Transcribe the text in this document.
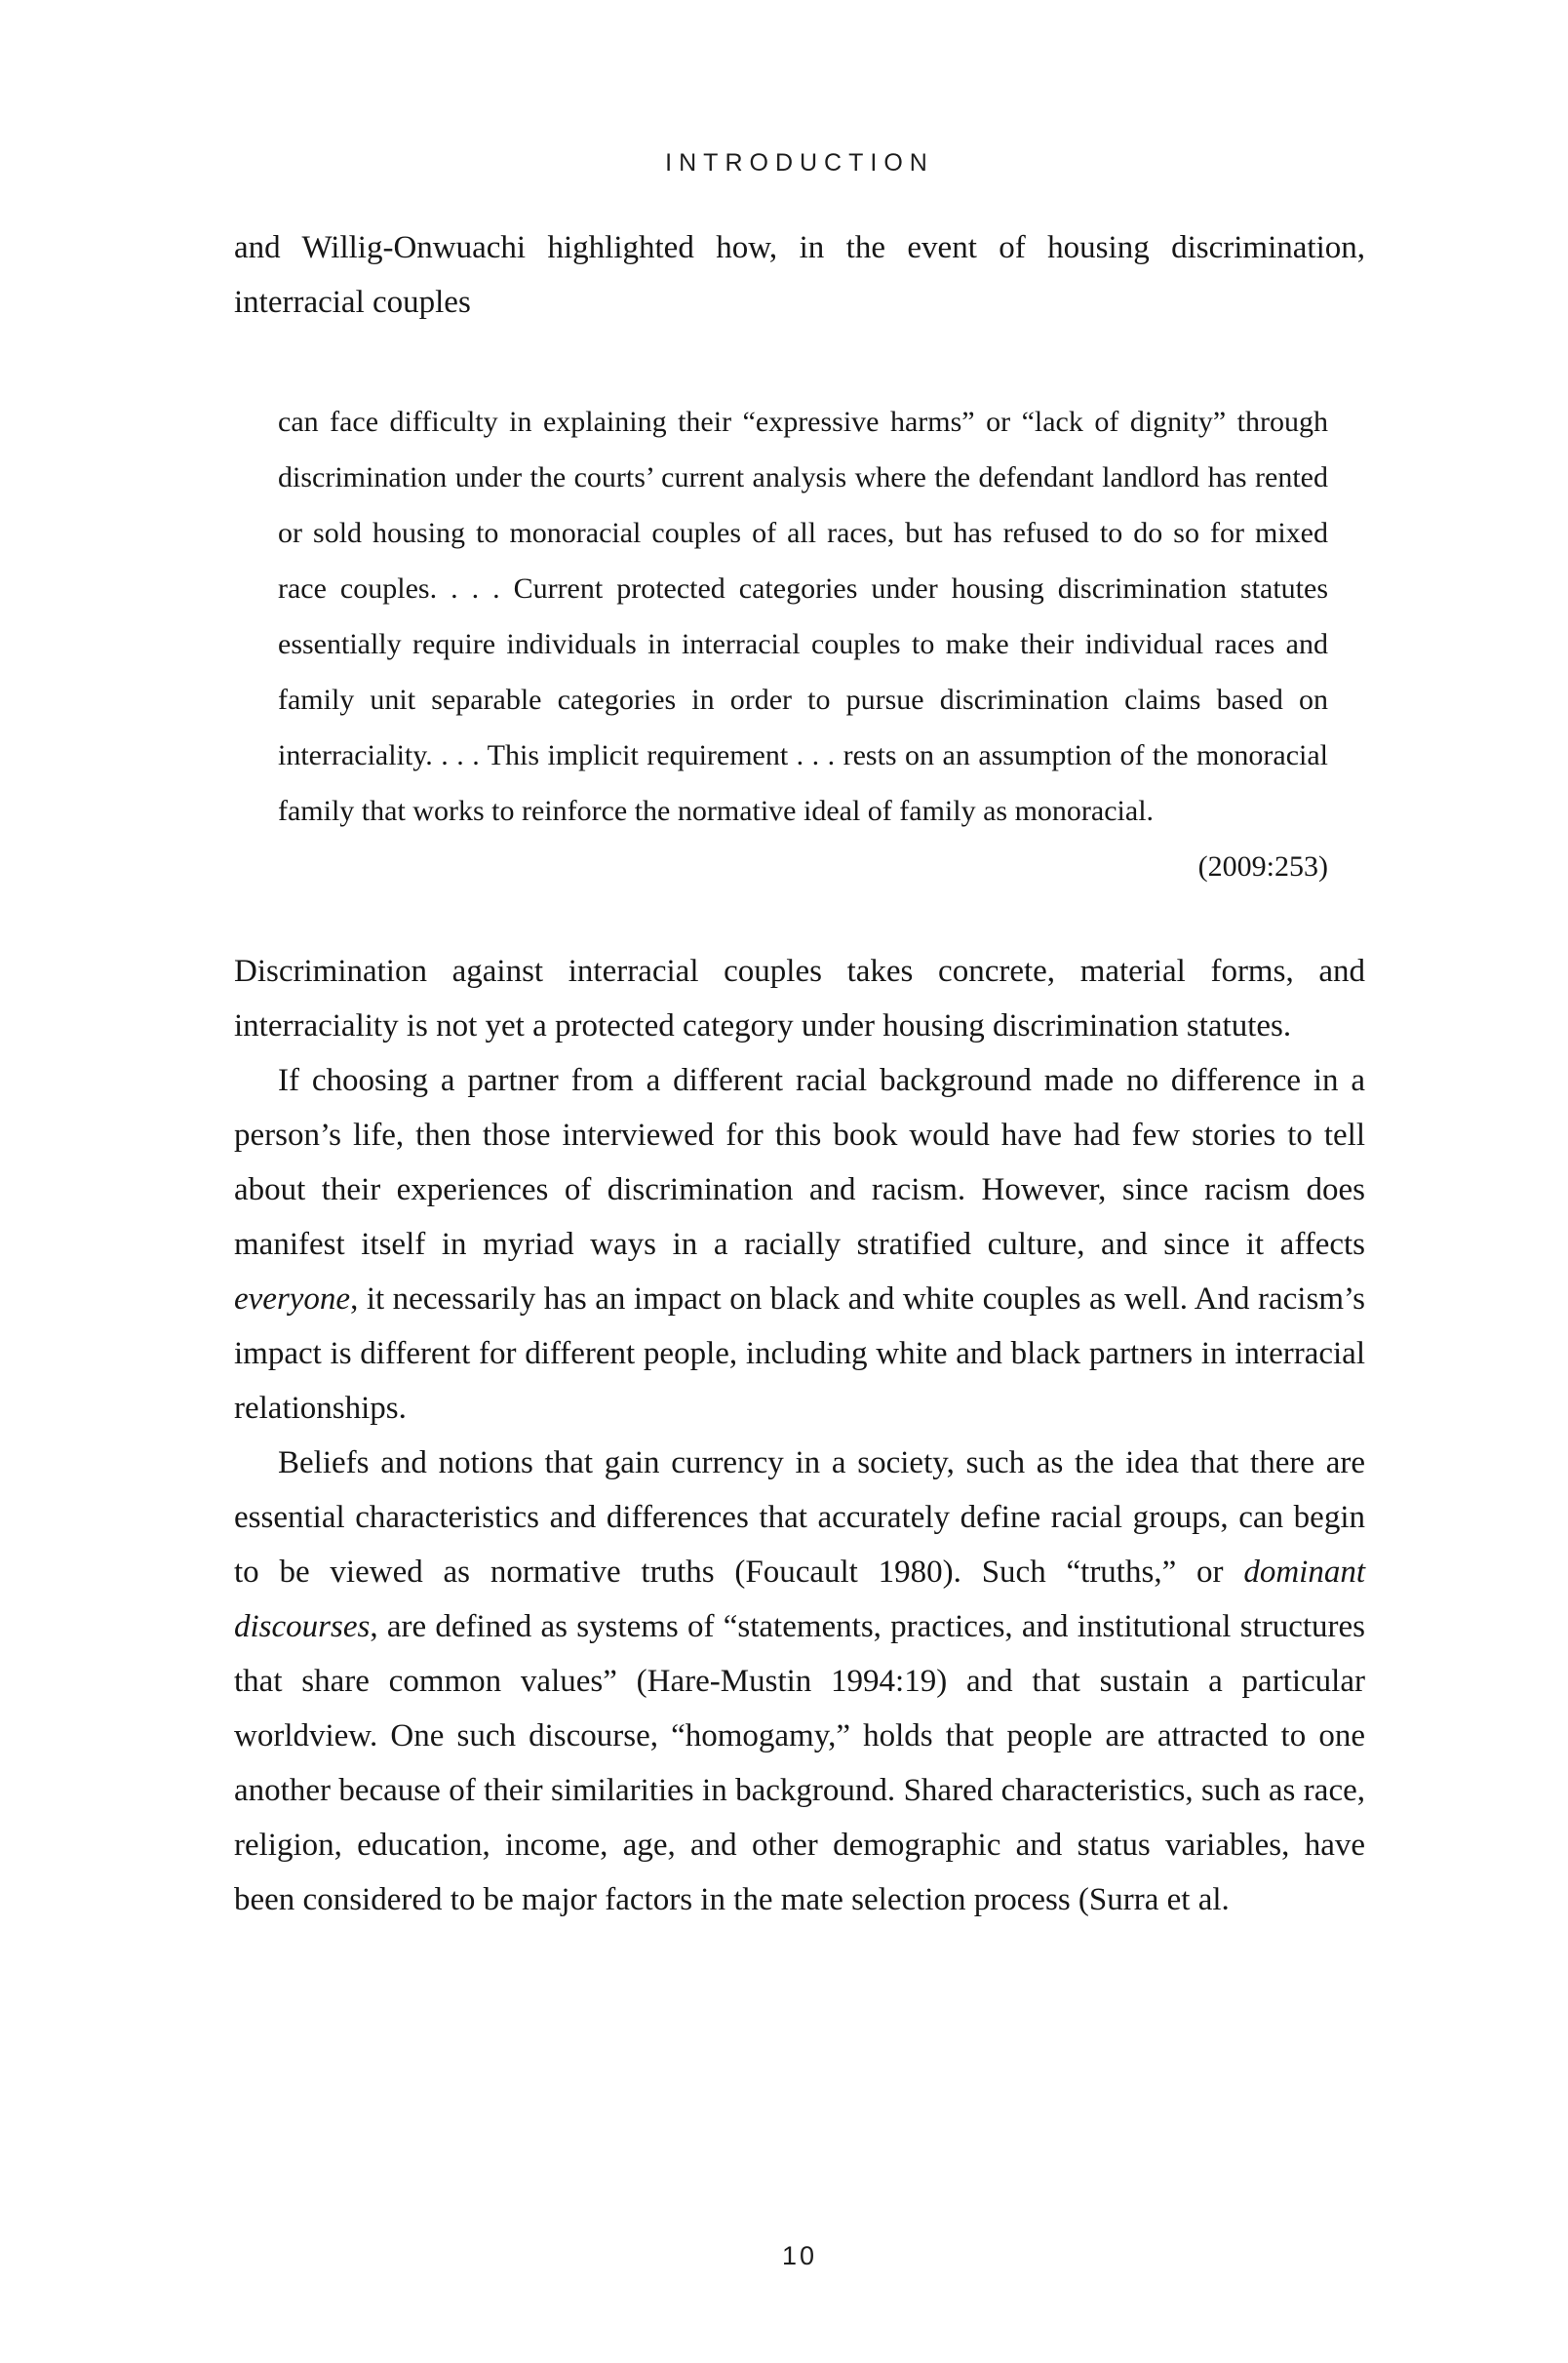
INTRODUCTION

and Willig-Onwuachi highlighted how, in the event of housing discrimination, interracial couples

can face difficulty in explaining their “expressive harms” or “lack of dignity” through discrimination under the courts’ current analysis where the defendant landlord has rented or sold housing to monoracial couples of all races, but has refused to do so for mixed race couples. . . . Current protected categories under housing discrimination statutes essentially require individuals in interracial couples to make their individual races and family unit separable categories in order to pursue discrimination claims based on interraciality. . . . This implicit requirement . . . rests on an assumption of the monoracial family that works to reinforce the normative ideal of family as monoracial.
(2009:253)

Discrimination against interracial couples takes concrete, material forms, and interraciality is not yet a protected category under housing discrimination statutes.

If choosing a partner from a different racial background made no difference in a person’s life, then those interviewed for this book would have had few stories to tell about their experiences of discrimination and racism. However, since racism does manifest itself in myriad ways in a racially stratified culture, and since it affects everyone, it necessarily has an impact on black and white couples as well. And racism’s impact is different for different people, including white and black partners in interracial relationships.

Beliefs and notions that gain currency in a society, such as the idea that there are essential characteristics and differences that accurately define racial groups, can begin to be viewed as normative truths (Foucault 1980). Such “truths,” or dominant discourses, are defined as systems of “statements, practices, and institutional structures that share common values” (Hare-Mustin 1994:19) and that sustain a particular worldview. One such discourse, “homogamy,” holds that people are attracted to one another because of their similarities in background. Shared characteristics, such as race, religion, education, income, age, and other demographic and status variables, have been considered to be major factors in the mate selection process (Surra et al.

10
